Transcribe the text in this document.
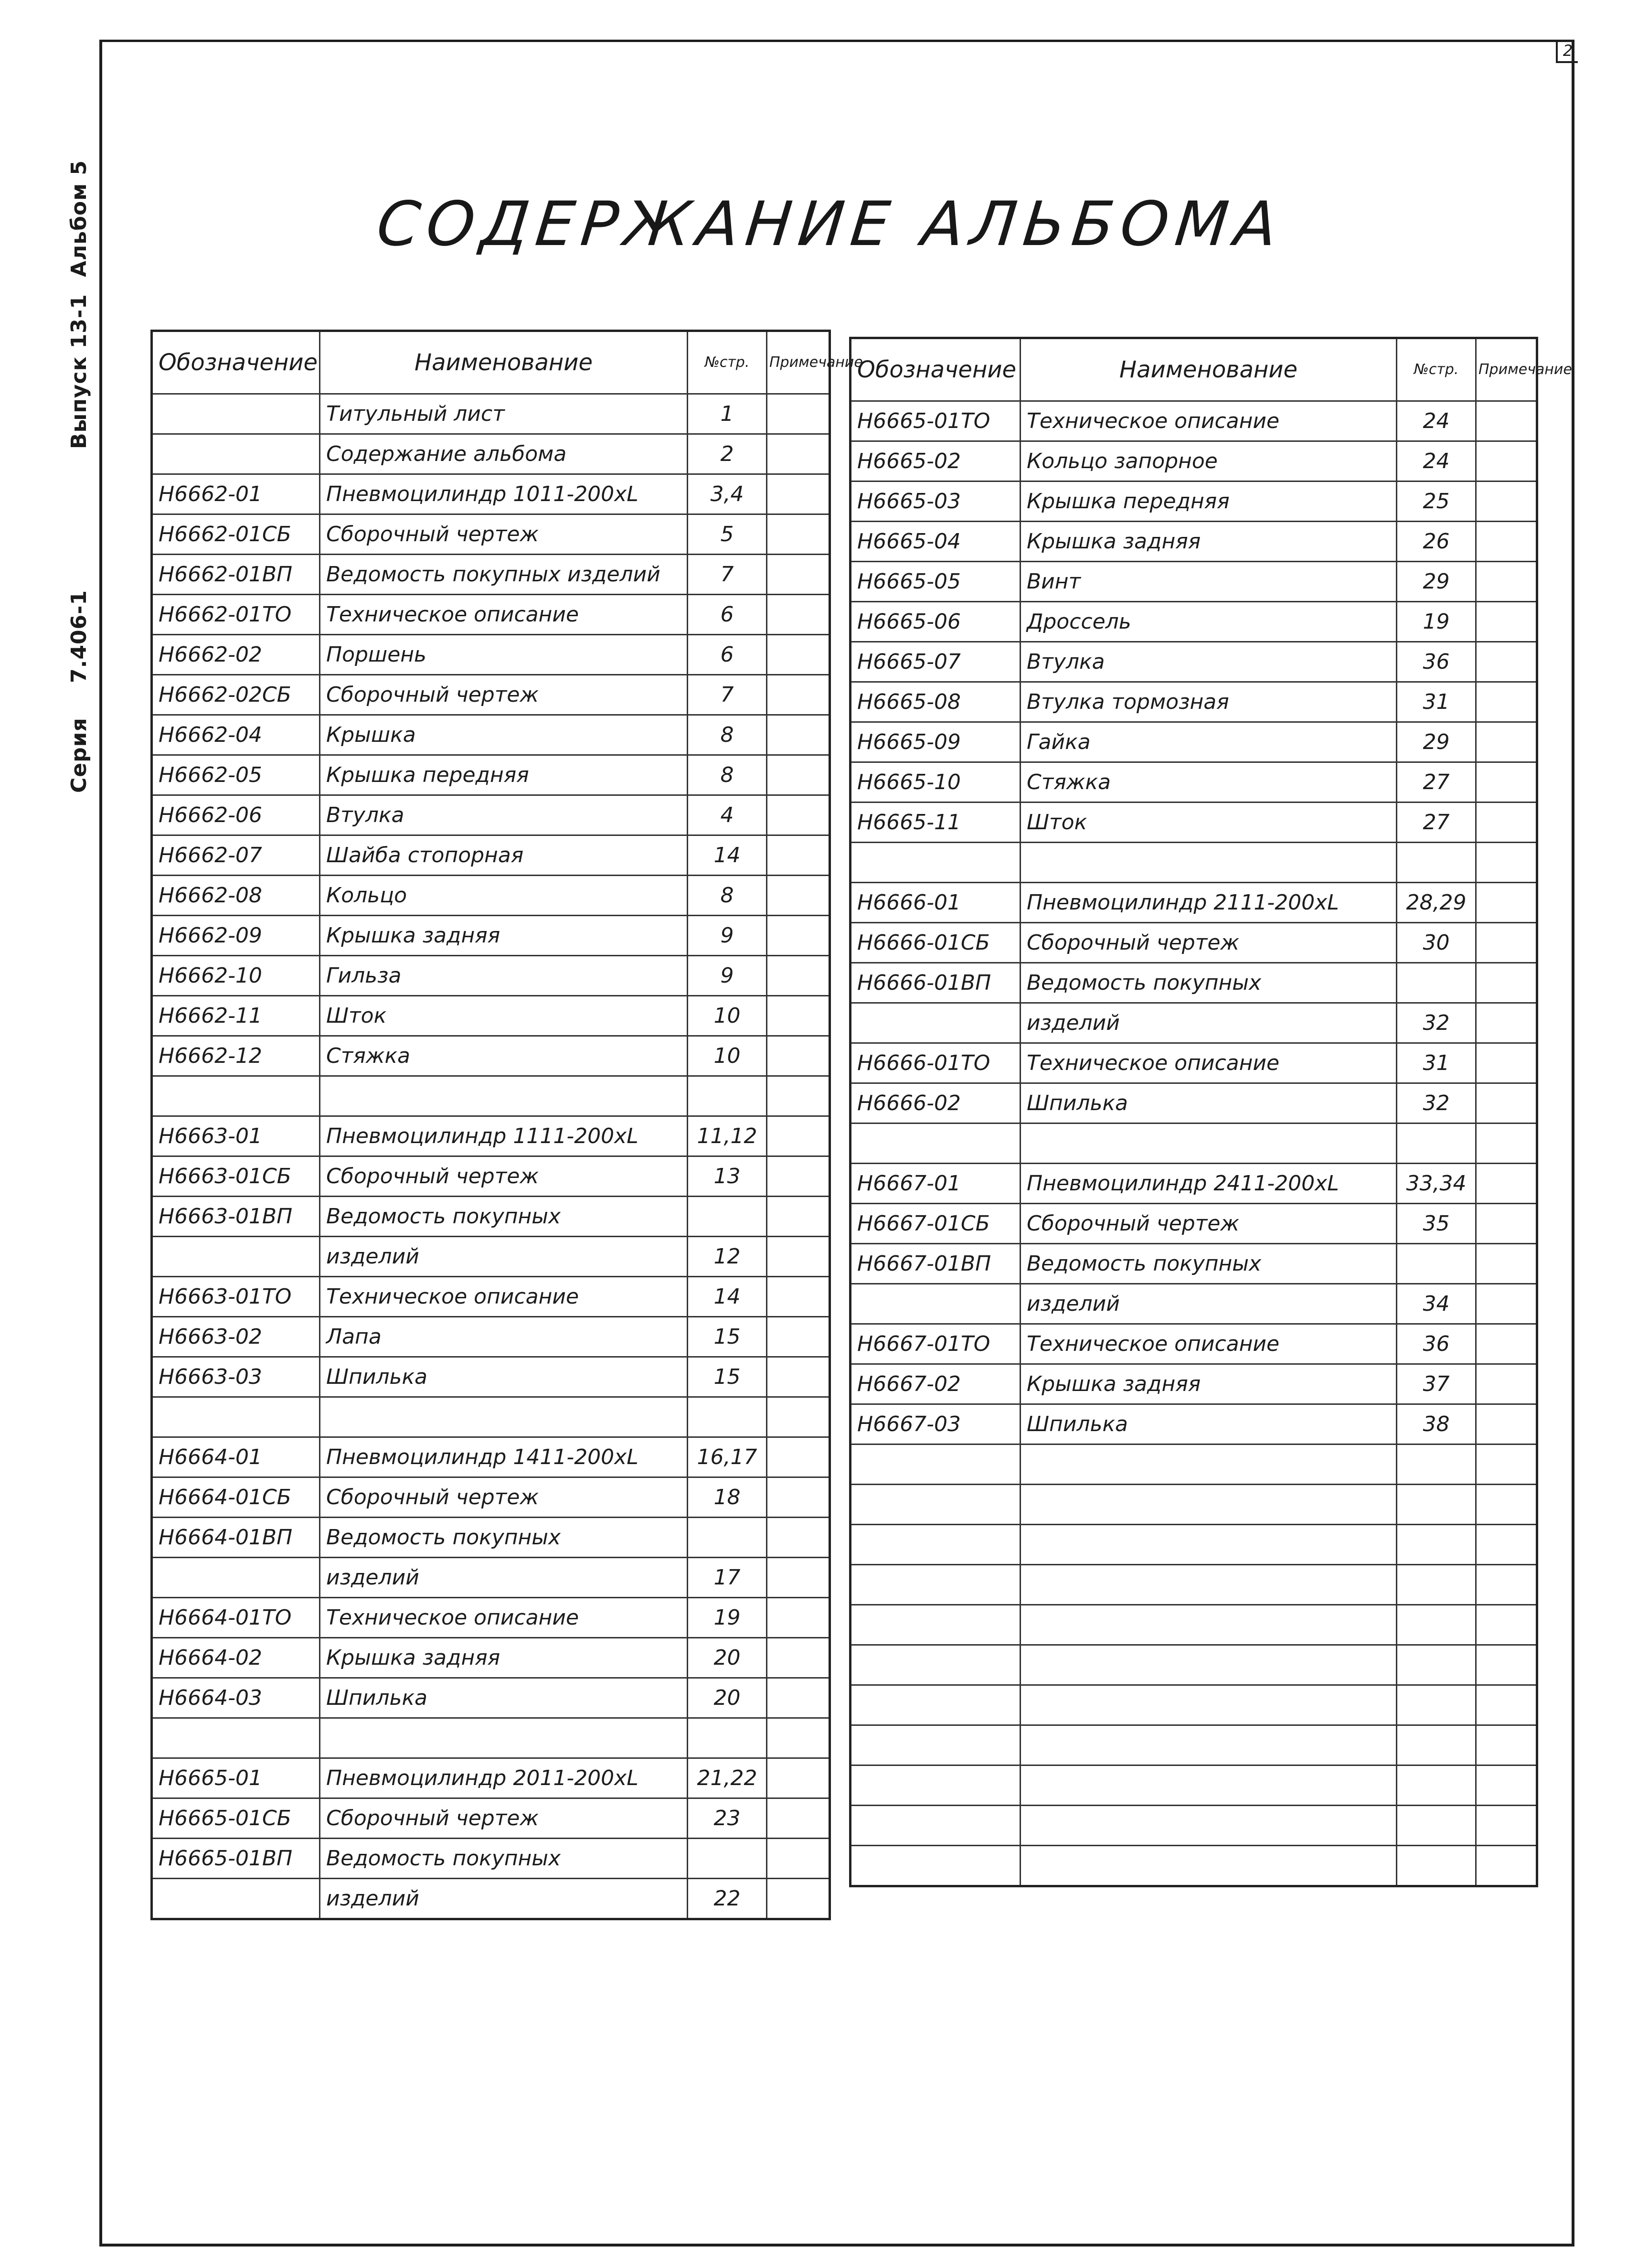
2
Серия
7.406-1
Выпуск 13-1
Альбом 5	СОДЕРЖАНИЕ АЛЬБОМА
Обозначение	Наименование	№стр.	Примечание
	Титульный лист	1	
	Содержание альбома	2	
Н6662-01	Пневмоцилиндр 1011-200хL	3,4	
Н6662-01СБ	Сборочный чертеж	5	
Н6662-01ВП	Ведомость покупных изделий	7	
Н6662-01ТО	Техническое описание	6	
Н6662-02	Поршень	6	
Н6662-02СБ	Сборочный чертеж	7	
Н6662-04	Крышка	8	
Н6662-05	Крышка передняя	8	
Н6662-06	Втулка	4	
Н6662-07	Шайба стопорная	14	
Н6662-08	Кольцо	8	
Н6662-09	Крышка задняя	9	
Н6662-10	Гильза	9	
Н6662-11	Шток	10	
Н6662-12	Стяжка	10	

Н6663-01	Пневмоцилиндр 1111-200хL	11,12	
Н6663-01СБ	Сборочный чертеж	13	
Н6663-01ВП	Ведомость покупных		
	изделий	12	
Н6663-01ТО	Техническое описание	14	
Н6663-02	Лапа	15	
Н6663-03	Шпилька	15	

Н6664-01	Пневмоцилиндр 1411-200хL	16,17	
Н6664-01СБ	Сборочный чертеж	18	
Н6664-01ВП	Ведомость покупных		
	изделий	17	
Н6664-01ТО	Техническое описание	19	
Н6664-02	Крышка задняя	20	
Н6664-03	Шпилька	20	

Н6665-01	Пневмоцилиндр 2011-200хL	21,22	
Н6665-01СБ	Сборочный чертеж	23	
Н6665-01ВП	Ведомость покупных		
	изделий	22	
Обозначение	Наименование	№стр.	Примечание
Н6665-01ТО	Техническое описание	24	
Н6665-02	Кольцо запорное	24	
Н6665-03	Крышка передняя	25	
Н6665-04	Крышка задняя	26	
Н6665-05	Винт	29	
Н6665-06	Дроссель	19	
Н6665-07	Втулка	36	
Н6665-08	Втулка тормозная	31	
Н6665-09	Гайка	29	
Н6665-10	Стяжка	27	
Н6665-11	Шток	27	

Н6666-01	Пневмоцилиндр 2111-200хL	28,29	
Н6666-01СБ	Сборочный чертеж	30	
Н6666-01ВП	Ведомость покупных		
	изделий	32	
Н6666-01ТО	Техническое описание	31	
Н6666-02	Шпилька	32	

Н6667-01	Пневмоцилиндр 2411-200хL	33,34	
Н6667-01СБ	Сборочный чертеж	35	
Н6667-01ВП	Ведомость покупных		
	изделий	34	
Н6667-01ТО	Техническое описание	36	
Н6667-02	Крышка задняя	37	
Н6667-03	Шпилька	38	
